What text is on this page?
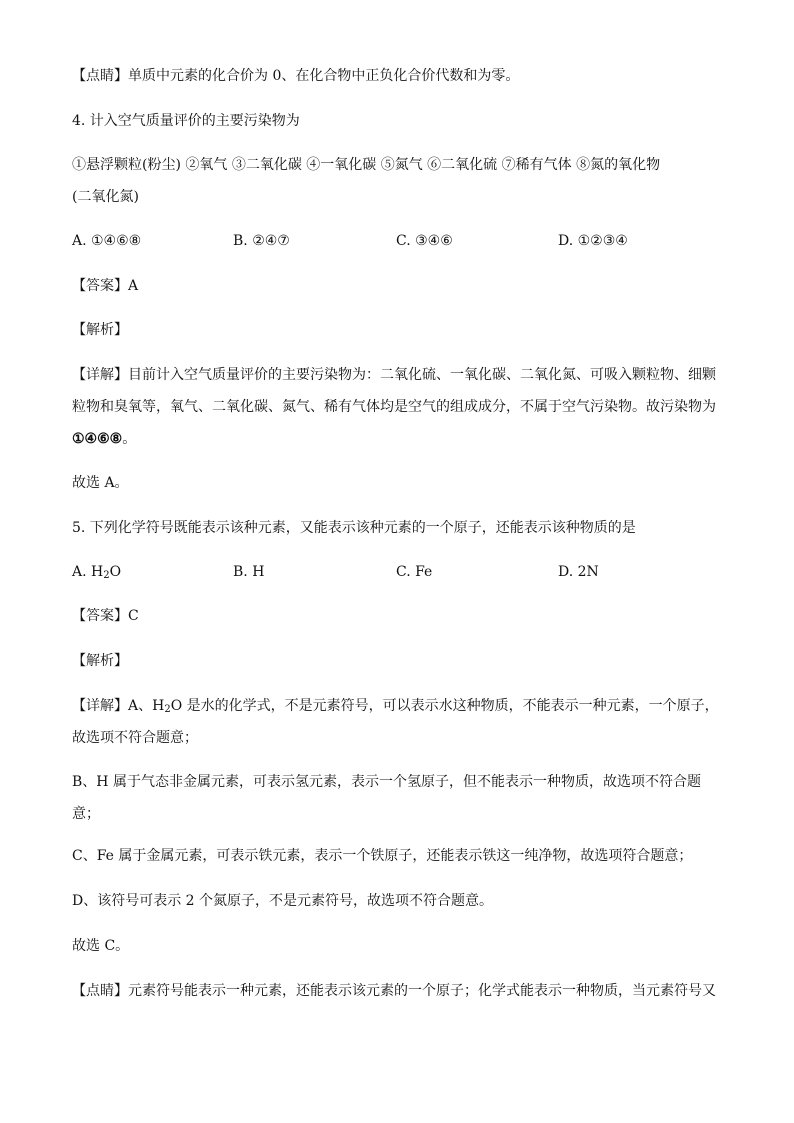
【点睛】单质中元素的化合价为 0、在化合物中正负化合价代数和为零。
4. 计入空气质量评价的主要污染物为
①悬浮颗粒(粉尘) ②氧气 ③二氧化碳 ④一氧化碳 ⑤氮气 ⑥二氧化硫 ⑦稀有气体 ⑧氮的氧化物
(二氧化氮)
A. ①④⑥⑧	B. ②④⑦	C. ③④⑥	D. ①②③④
【答案】A
【解析】
【详解】目前计入空气质量评价的主要污染物为：二氧化硫、一氧化碳、二氧化氮、可吸入颗粒物、细颗
粒物和臭氧等，氧气、二氧化碳、氮气、稀有气体均是空气的组成成分，不属于空气污染物。故污染物为
①④⑥⑧。
故选 A。
5. 下列化学符号既能表示该种元素，又能表示该种元素的一个原子，还能表示该种物质的是
A. $H_2O$	B. H	C. Fe	D. 2N
【答案】C
【解析】
【详解】A、$H_2O$ 是水的化学式，不是元素符号，可以表示水这种物质，不能表示一种元素，一个原子，
故选项不符合题意；
B、H 属于气态非金属元素，可表示氢元素，表示一个氢原子，但不能表示一种物质，故选项不符合题
意；
C、Fe 属于金属元素，可表示铁元素，表示一个铁原子，还能表示铁这一纯净物，故选项符合题意；
D、该符号可表示 2 个氮原子，不是元素符号，故选项不符合题意。
故选 C。
【点睛】元素符号能表示一种元素，还能表示该元素的一个原子；化学式能表示一种物质，当元素符号又
